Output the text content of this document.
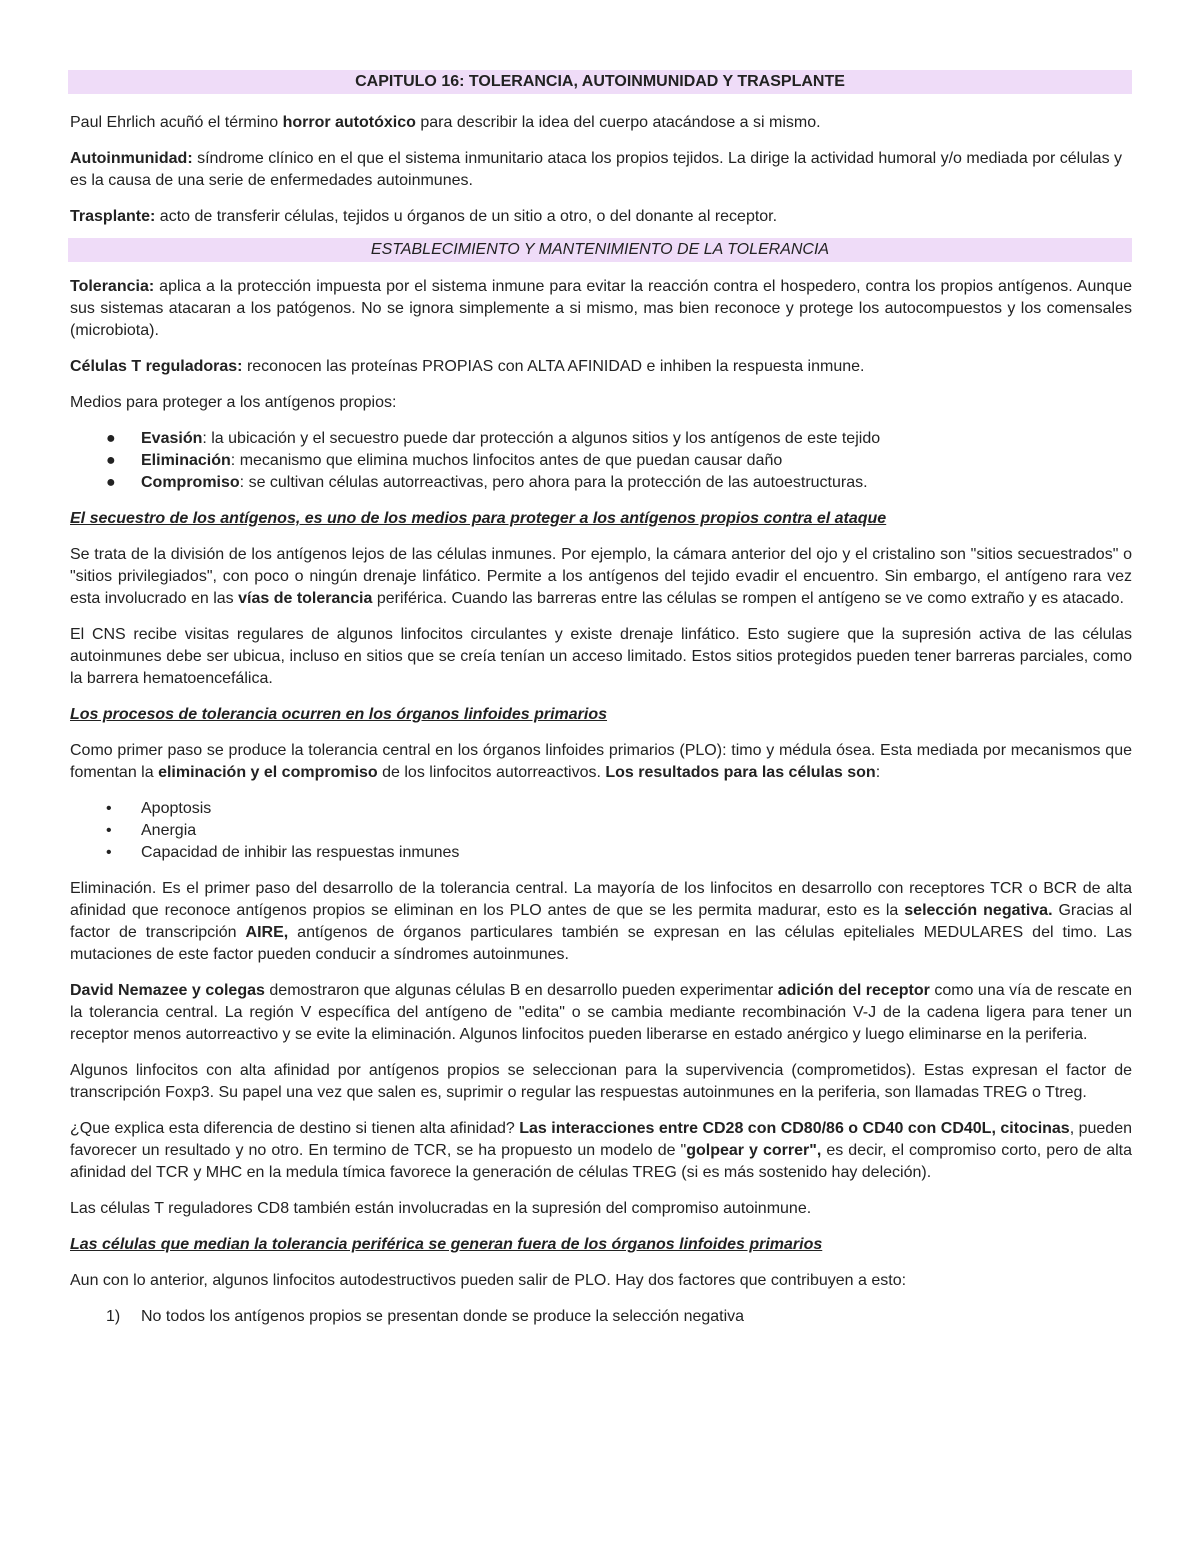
CAPITULO 16: TOLERANCIA, AUTOINMUNIDAD Y TRASPLANTE

Paul Ehrlich acuñó el término horror autotóxico para describir la idea del cuerpo atacándose a si mismo.

Autoinmunidad: síndrome clínico en el que el sistema inmunitario ataca los propios tejidos. La dirige la actividad humoral y/o mediada por células y es la causa de una serie de enfermedades autoinmunes.

Trasplante: acto de transferir células, tejidos u órganos de un sitio a otro, o del donante al receptor.

ESTABLECIMIENTO Y MANTENIMIENTO DE LA TOLERANCIA

Tolerancia: aplica a la protección impuesta por el sistema inmune para evitar la reacción contra el hospedero, contra los propios antígenos. Aunque sus sistemas atacaran a los patógenos. No se ignora simplemente a si mismo, mas bien reconoce y protege los autocompuestos y los comensales (microbiota).

Células T reguladoras: reconocen las proteínas PROPIAS con ALTA AFINIDAD e inhiben la respuesta inmune.

Medios para proteger a los antígenos propios:

● Evasión: la ubicación y el secuestro puede dar protección a algunos sitios y los antígenos de este tejido
● Eliminación: mecanismo que elimina muchos linfocitos antes de que puedan causar daño
● Compromiso: se cultivan células autorreactivas, pero ahora para la protección de las autoestructuras.

El secuestro de los antígenos, es uno de los medios para proteger a los antígenos propios contra el ataque

Se trata de la división de los antígenos lejos de las células inmunes. Por ejemplo, la cámara anterior del ojo y el cristalino son "sitios secuestrados" o "sitios privilegiados", con poco o ningún drenaje linfático. Permite a los antígenos del tejido evadir el encuentro. Sin embargo, el antígeno rara vez esta involucrado en las vías de tolerancia periférica. Cuando las barreras entre las células se rompen el antígeno se ve como extraño y es atacado.

El CNS recibe visitas regulares de algunos linfocitos circulantes y existe drenaje linfático. Esto sugiere que la supresión activa de las células autoinmunes debe ser ubicua, incluso en sitios que se creía tenían un acceso limitado. Estos sitios protegidos pueden tener barreras parciales, como la barrera hematoencefálica.

Los procesos de tolerancia ocurren en los órganos linfoides primarios

Como primer paso se produce la tolerancia central en los órganos linfoides primarios (PLO): timo y médula ósea. Esta mediada por mecanismos que fomentan la eliminación y el compromiso de los linfocitos autorreactivos. Los resultados para las células son:

• Apoptosis
• Anergia
• Capacidad de inhibir las respuestas inmunes

Eliminación. Es el primer paso del desarrollo de la tolerancia central. La mayoría de los linfocitos en desarrollo con receptores TCR o BCR de alta afinidad que reconoce antígenos propios se eliminan en los PLO antes de que se les permita madurar, esto es la selección negativa. Gracias al factor de transcripción AIRE, antígenos de órganos particulares también se expresan en las células epiteliales MEDULARES del timo. Las mutaciones de este factor pueden conducir a síndromes autoinmunes.

David Nemazee y colegas demostraron que algunas células B en desarrollo pueden experimentar adición del receptor como una vía de rescate en la tolerancia central. La región V específica del antígeno de "edita" o se cambia mediante recombinación V-J de la cadena ligera para tener un receptor menos autorreactivo y se evite la eliminación. Algunos linfocitos pueden liberarse en estado anérgico y luego eliminarse en la periferia.

Algunos linfocitos con alta afinidad por antígenos propios se seleccionan para la supervivencia (comprometidos). Estas expresan el factor de transcripción Foxp3. Su papel una vez que salen es, suprimir o regular las respuestas autoinmunes en la periferia, son llamadas TREG o Ttreg.

¿Que explica esta diferencia de destino si tienen alta afinidad? Las interacciones entre CD28 con CD80/86 o CD40 con CD40L, citocinas, pueden favorecer un resultado y no otro. En termino de TCR, se ha propuesto un modelo de "golpear y correr", es decir, el compromiso corto, pero de alta afinidad del TCR y MHC en la medula tímica favorece la generación de células TREG (si es más sostenido hay deleción).

Las células T reguladores CD8 también están involucradas en la supresión del compromiso autoinmune.

Las células que median la tolerancia periférica se generan fuera de los órganos linfoides primarios

Aun con lo anterior, algunos linfocitos autodestructivos pueden salir de PLO. Hay dos factores que contribuyen a esto:

1) No todos los antígenos propios se presentan donde se produce la selección negativa
